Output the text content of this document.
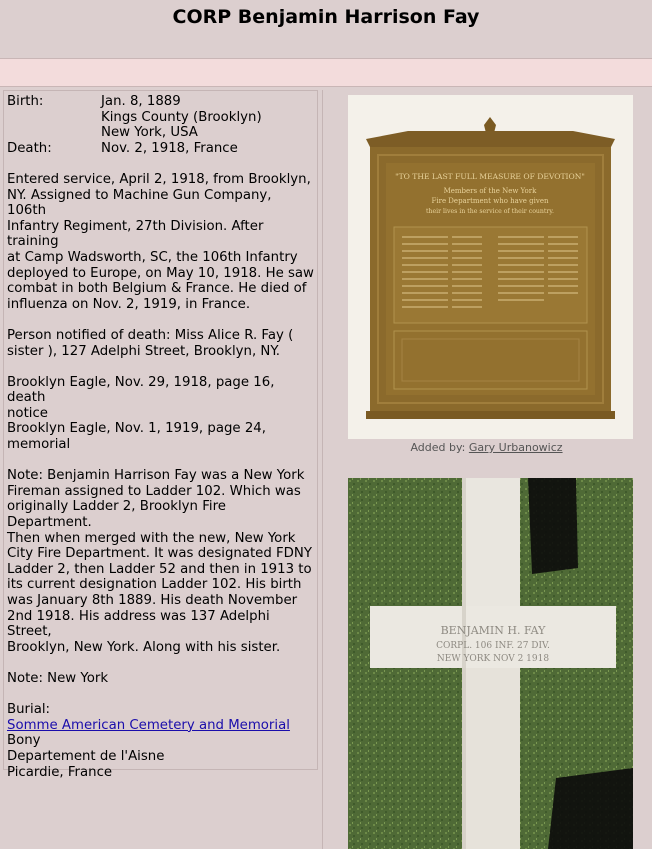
CORP Benjamin Harrison Fay
Birth:	Jan. 8, 1889
Kings County (Brooklyn)
New York, USA
Death:	Nov. 2, 1918, France
Entered service, April 2, 1918, from Brooklyn,
NY. Assigned to Machine Gun Company, 106th
Infantry Regiment, 27th Division. After training
at Camp Wadsworth, SC, the 106th Infantry
deployed to Europe, on May 10, 1918. He saw
combat in both Belgium & France. He died of
influenza on Nov. 2, 1919, in France.
Person notified of death: Miss Alice R. Fay (
sister ), 127 Adelphi Street, Brooklyn, NY.
Brooklyn Eagle, Nov. 29, 1918, page 16, death
notice
Brooklyn Eagle, Nov. 1, 1919, page 24,
memorial
Note: Benjamin Harrison Fay was a New York
Fireman assigned to Ladder 102. Which was
originally Ladder 2, Brooklyn Fire Department.
Then when merged with the new, New York
City Fire Department. It was designated FDNY
Ladder 2, then Ladder 52 and then in 1913 to
its current designation Ladder 102. His birth
was January 8th 1889. His death November
2nd 1918. His address was 137 Adelphi Street,
Brooklyn, New York. Along with his sister.
Note: New York
Burial:
Somme American Cemetery and Memorial
Bony
Departement de l'Aisne
Picardie, France
"TO THE LAST FULL MEASURE OF DEVOTION"
Members of the New York
Fire Department who have given
their lives in the service of their country.
Added by: Gary Urbanowicz
BENJAMIN H. FAY
CORPL. 106 INF. 27 DIV.
NEW YORK NOV 2 1918
